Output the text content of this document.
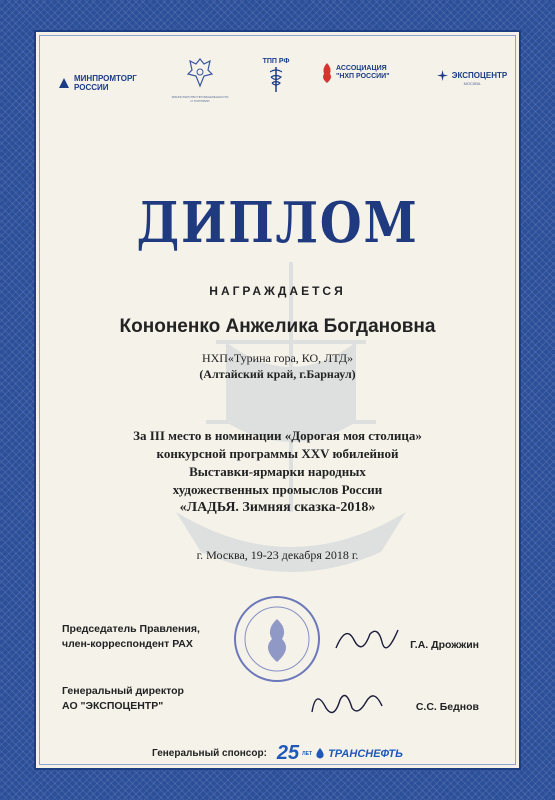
МИНПРОМТОРГ
РОССИИ
МИНИСТЕРСТВО ПРОМЫШЛЕННОСТИ И ТОРГОВЛИ
ТПП РФ
АССОЦИАЦИЯ
"НХП РОССИИ"	ЭКСПОЦЕНТР
МОСКВА
ДИПЛОМ
НАГРАЖДАЕТСЯ
Кононенко Анжелика Богдановна
НХП«Турина гора, КО, ЛТД»
(Алтайский край, г.Барнаул)
За III место в номинации «Дорогая моя столица»
конкурсной программы XXV юбилейной
Выставки-ярмарки народных
художественных промыслов России
«ЛАДЬЯ. Зимняя сказка-2018»
г. Москва, 19-23 декабря 2018 г.
Председатель Правления,
член-корреспондент РАХ	Г.А. Дрожжин
Генеральный директор
АО "ЭКСПОЦЕНТР"	С.С. Беднов
Генеральный спонсор: 25 ЛЕТ ТРАНСНЕФТЬ
